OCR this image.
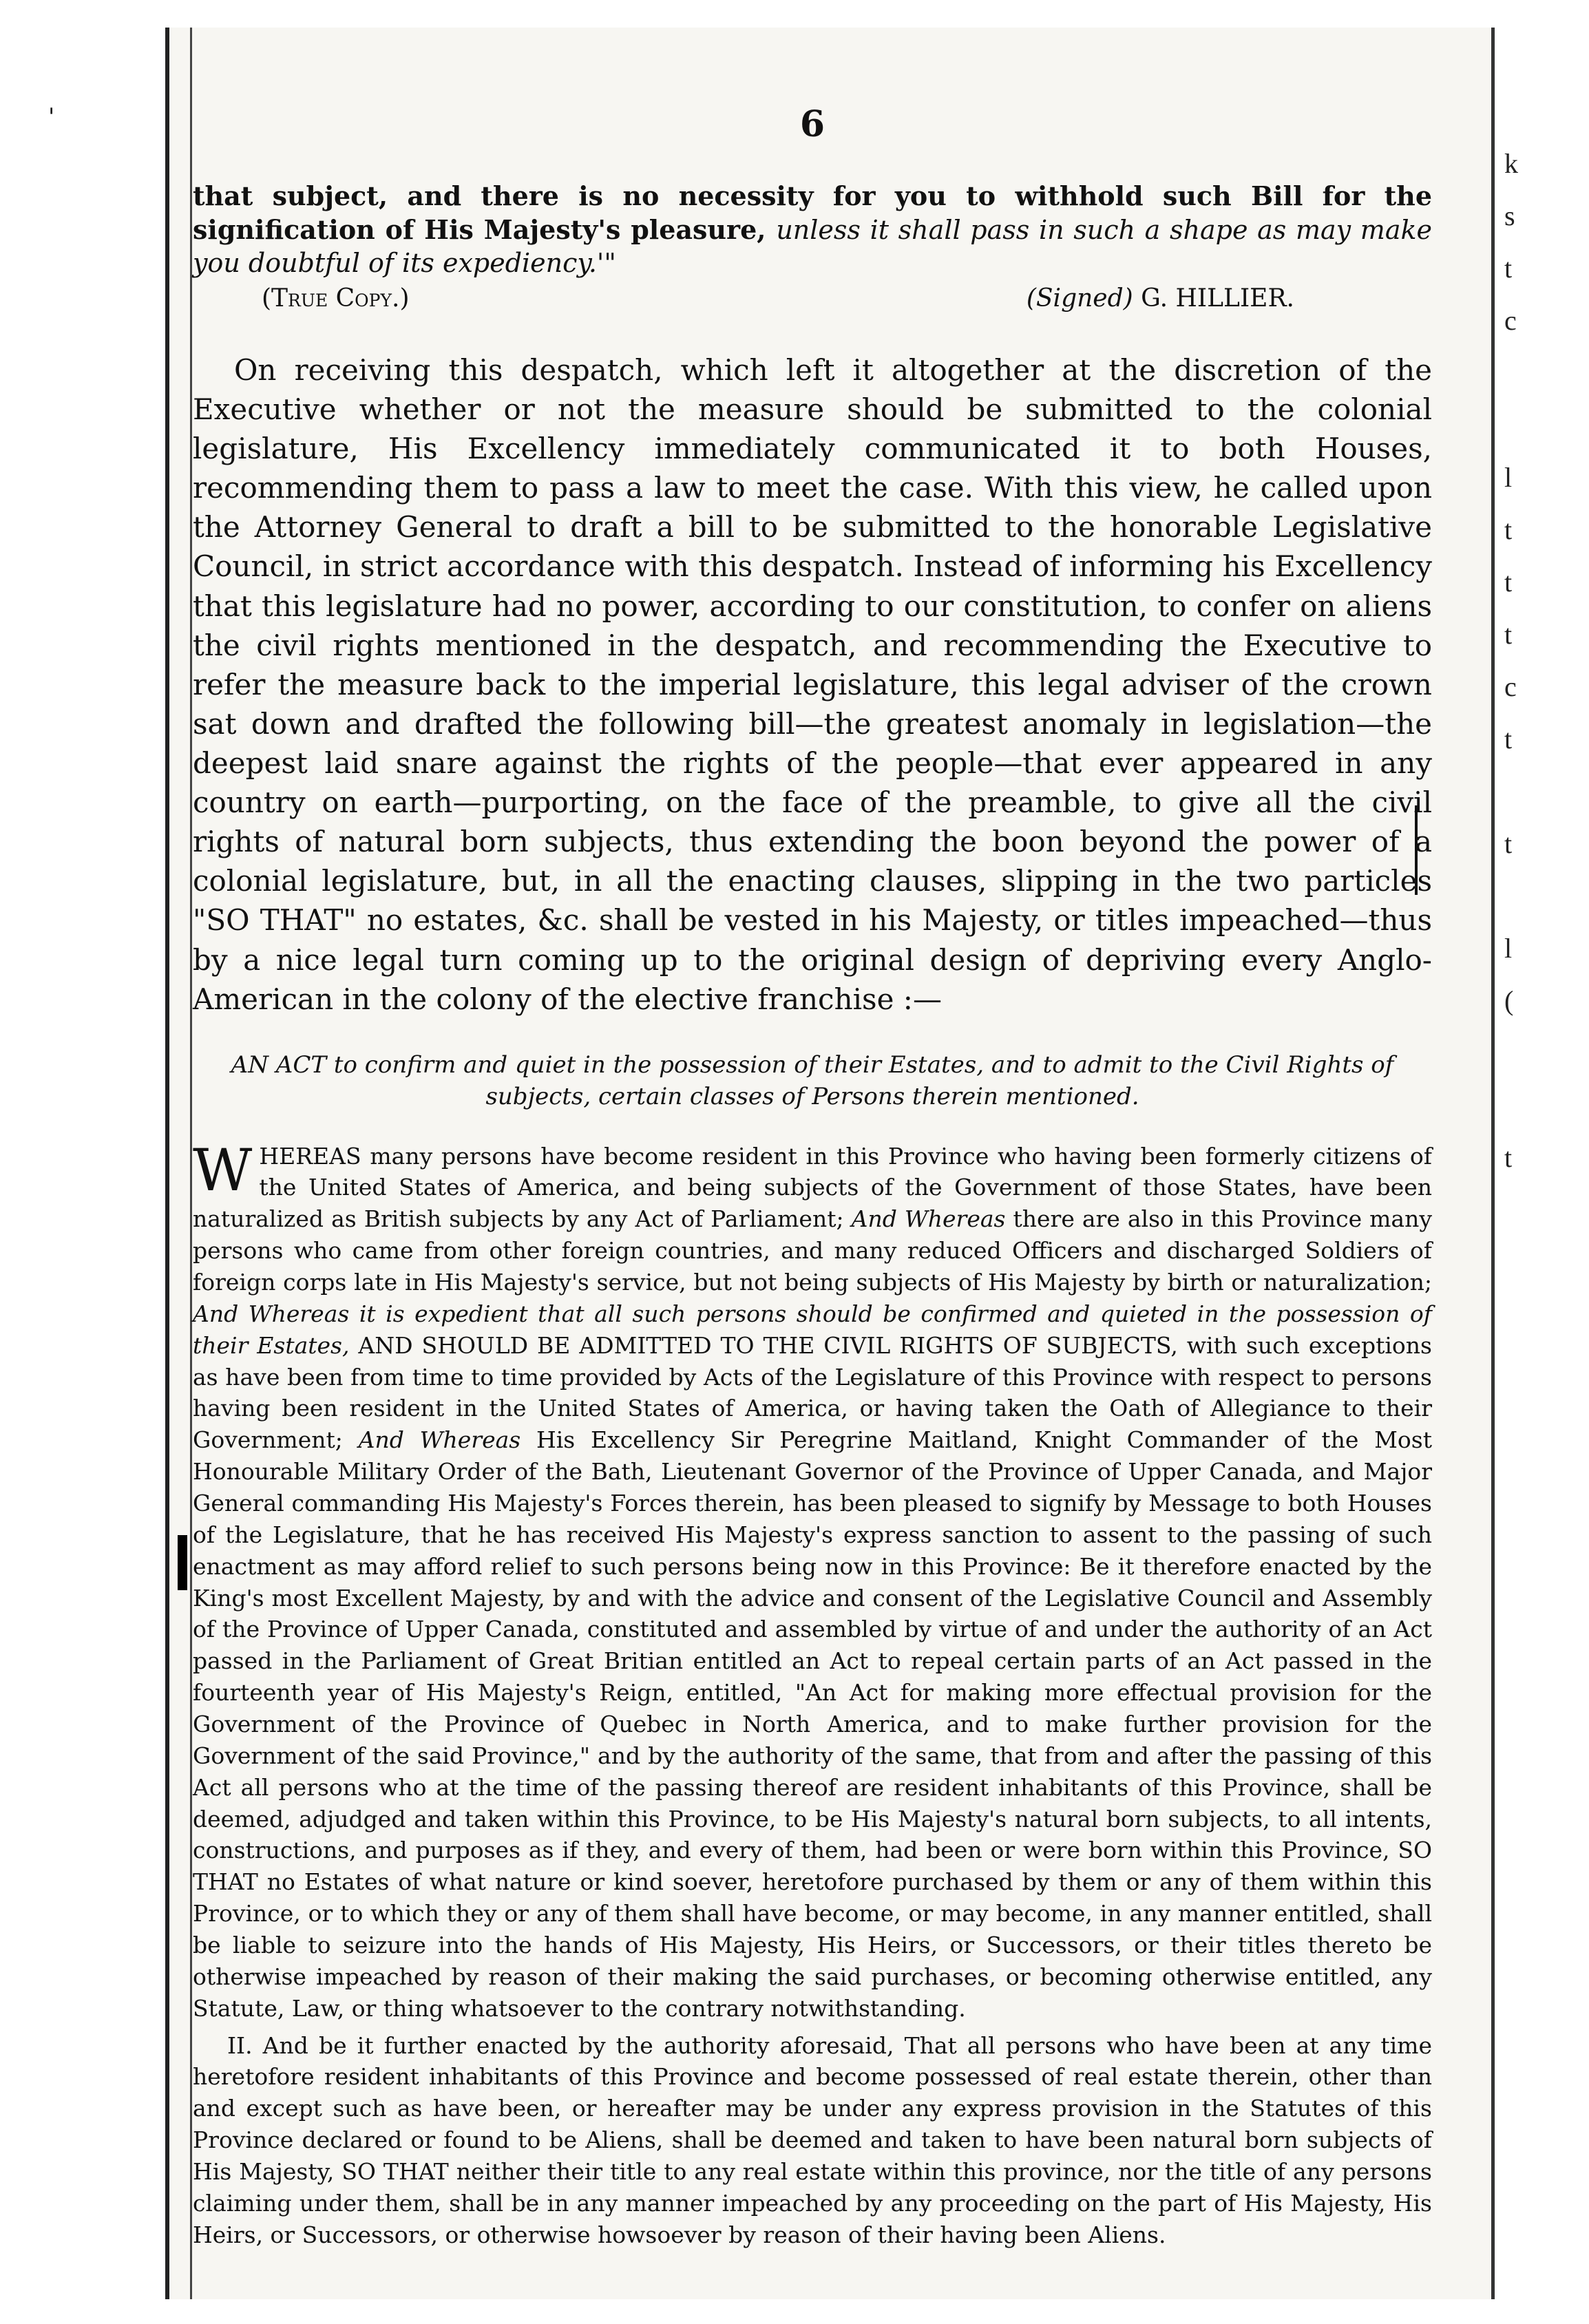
'
k
s
t
c
l
t
t
t
c
t
t
l
(
t
6
that subject, and there is no necessity for you to withhold such Bill for the signification of His Majesty's pleasure, unless it shall pass in such a shape as may make you doubtful of its expediency.'"
(True Copy.)	(Signed) G. HILLIER.

On receiving this despatch, which left it altogether at the discretion of the Executive whether or not the measure should be submitted to the colonial legislature, His Excellency immediately communicated it to both Houses, recommending them to pass a law to meet the case. With this view, he called upon the Attorney General to draft a bill to be submitted to the honorable Legislative Council, in strict accordance with this despatch. Instead of informing his Excellency that this legislature had no power, according to our constitution, to confer on aliens the civil rights mentioned in the despatch, and recommending the Executive to refer the measure back to the imperial legislature, this legal adviser of the crown sat down and drafted the following bill—the greatest anomaly in legislation—the deepest laid snare against the rights of the people—that ever appeared in any country on earth—purporting, on the face of the preamble, to give all the civil rights of natural born subjects, thus extending the boon beyond the power of a colonial legislature, but, in all the enacting clauses, slipping in the two particles "SO THAT" no estates, &c. shall be vested in his Majesty, or titles impeached—thus by a nice legal turn coming up to the original design of depriving every Anglo-American in the colony of the elective franchise :—

AN ACT to confirm and quiet in the possession of their Estates, and to admit to the Civil Rights of subjects, certain classes of Persons therein mentioned.
WHEREAS many persons have become resident in this Province who having been formerly citizens of the United States of America, and being subjects of the Government of those States, have been naturalized as British subjects by any Act of Parliament; And Whereas there are also in this Province many persons who came from other foreign countries, and many reduced Officers and discharged Soldiers of foreign corps late in His Majesty's service, but not being subjects of His Majesty by birth or naturalization; And Whereas it is expedient that all such persons should be confirmed and quieted in the possession of their Estates, AND SHOULD BE ADMITTED TO THE CIVIL RIGHTS OF SUBJECTS, with such exceptions as have been from time to time provided by Acts of the Legislature of this Province with respect to persons having been resident in the United States of America, or having taken the Oath of Allegiance to their Government; And Whereas His Excellency Sir Peregrine Maitland, Knight Commander of the Most Honourable Military Order of the Bath, Lieutenant Governor of the Province of Upper Canada, and Major General commanding His Majesty's Forces therein, has been pleased to signify by Message to both Houses of the Legislature, that he has received His Majesty's express sanction to assent to the passing of such enactment as may afford relief to such persons being now in this Province: Be it therefore enacted by the King's most Excellent Majesty, by and with the advice and consent of the Legislative Council and Assembly of the Province of Upper Canada, constituted and assembled by virtue of and under the authority of an Act passed in the Parliament of Great Britian entitled an Act to repeal certain parts of an Act passed in the fourteenth year of His Majesty's Reign, entitled, "An Act for making more effectual provision for the Government of the Province of Quebec in North America, and to make further provision for the Government of the said Province," and by the authority of the same, that from and after the passing of this Act all persons who at the time of the passing thereof are resident inhabitants of this Province, shall be deemed, adjudged and taken within this Province, to be His Majesty's natural born subjects, to all intents, constructions, and purposes as if they, and every of them, had been or were born within this Province, SO THAT no Estates of what nature or kind soever, heretofore purchased by them or any of them within this Province, or to which they or any of them shall have become, or may become, in any manner entitled, shall be liable to seizure into the hands of His Majesty, His Heirs, or Successors, or their titles thereto be otherwise impeached by reason of their making the said purchases, or becoming otherwise entitled, any Statute, Law, or thing whatsoever to the contrary notwithstanding.

II. And be it further enacted by the authority aforesaid, That all persons who have been at any time heretofore resident inhabitants of this Province and become possessed of real estate therein, other than and except such as have been, or hereafter may be under any express provision in the Statutes of this Province declared or found to be Aliens, shall be deemed and taken to have been natural born subjects of His Majesty, SO THAT neither their title to any real estate within this province, nor the title of any persons claiming under them, shall be in any manner impeached by any proceeding on the part of His Majesty, His Heirs, or Successors, or otherwise howsoever by reason of their having been Aliens.
